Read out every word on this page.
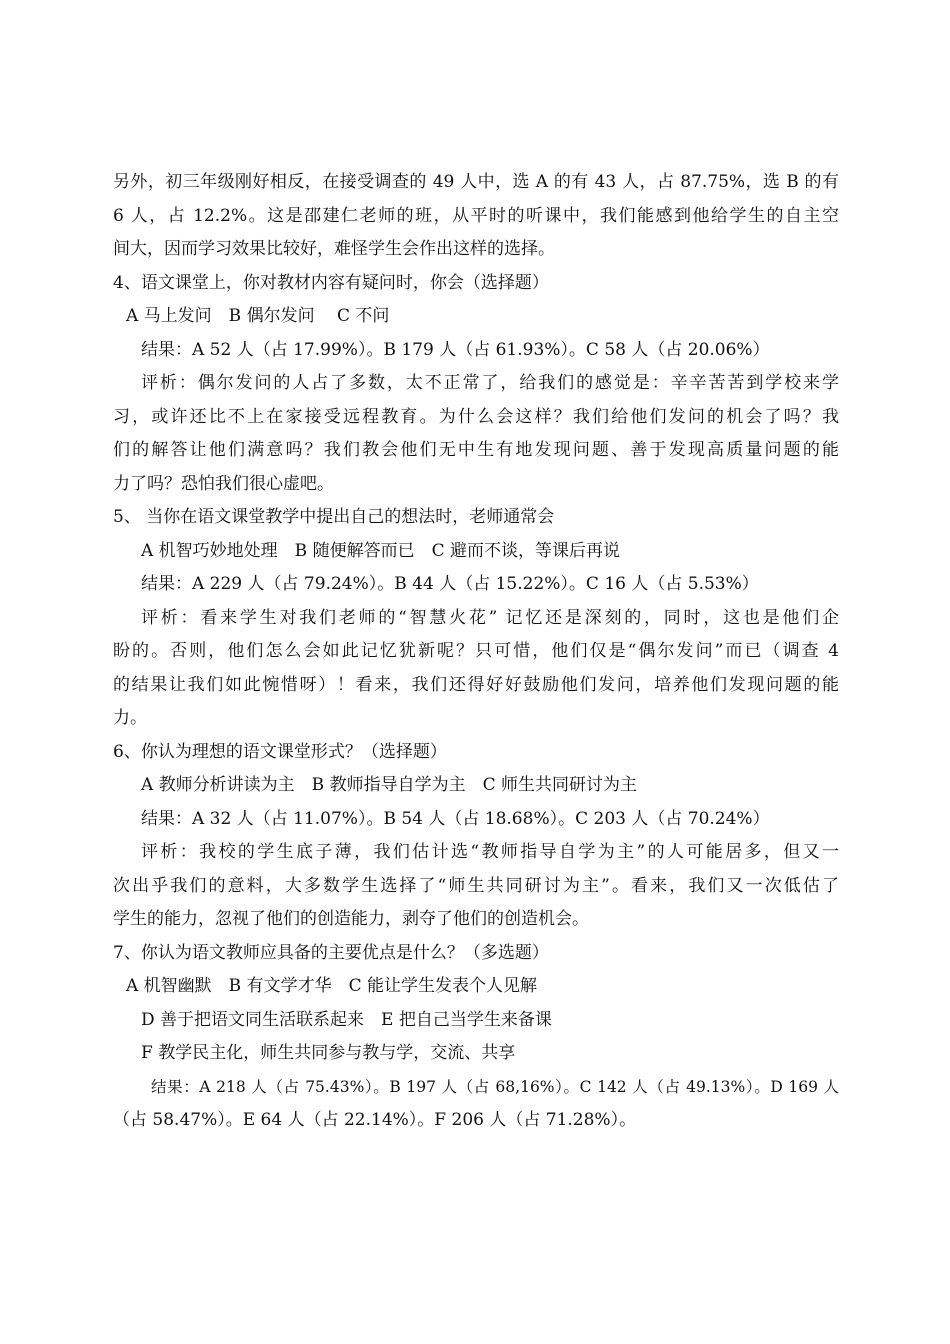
另外，初三年级刚好相反，在接受调查的 49 人中，选 A 的有 43 人，占 87.75%，选 B 的有
6 人，占 12.2%。这是邵建仁老师的班，从平时的听课中，我们能感到他给学生的自主空
间大，因而学习效果比较好，难怪学生会作出这样的选择。
4、语文课堂上，你对教材内容有疑问时，你会（选择题）
A 马上发问　B 偶尔发问　 C 不问
结果：A 52 人（占 17.99%）。B 179 人（占 61.93%）。C 58 人（占 20.06%）
评析：偶尔发问的人占了多数，太不正常了，给我们的感觉是：辛辛苦苦到学校来学
习，或许还比不上在家接受远程教育。为什么会这样？我们给他们发问的机会了吗？我
们的解答让他们满意吗？我们教会他们无中生有地发现问题、善于发现高质量问题的能
力了吗？恐怕我们很心虚吧。
5、 当你在语文课堂教学中提出自己的想法时，老师通常会
A 机智巧妙地处理　B 随便解答而已　C 避而不谈，等课后再说
结果：A 229 人（占 79.24%）。B 44 人（占 15.22%）。C 16 人（占 5.53%）
评析：看来学生对我们老师的“智慧火花” 记忆还是深刻的，同时，这也是他们企
盼的。否则，他们怎么会如此记忆犹新呢？只可惜，他们仅是“偶尔发问”而已（调查 4
的结果让我们如此惋惜呀）！看来，我们还得好好鼓励他们发问，培养他们发现问题的能
力。
6、你认为理想的语文课堂形式？（选择题）
A 教师分析讲读为主　B 教师指导自学为主　C 师生共同研讨为主
结果：A 32 人（占 11.07%）。B 54 人（占 18.68%）。C 203 人（占 70.24%）
评析：我校的学生底子薄，我们估计选“教师指导自学为主”的人可能居多，但又一
次出乎我们的意料，大多数学生选择了“师生共同研讨为主”。看来，我们又一次低估了
学生的能力，忽视了他们的创造能力，剥夺了他们的创造机会。
7、你认为语文教师应具备的主要优点是什么？（多选题）
A 机智幽默　B 有文学才华　C 能让学生发表个人见解
D 善于把语文同生活联系起来　E 把自己当学生来备课
F 教学民主化，师生共同参与教与学，交流、共享
结果：A 218 人（占 75.43%）。B 197 人（占 68,16%）。C 142 人（占 49.13%）。D 169 人
（占 58.47%）。E 64 人（占 22.14%）。F 206 人（占 71.28%）。
